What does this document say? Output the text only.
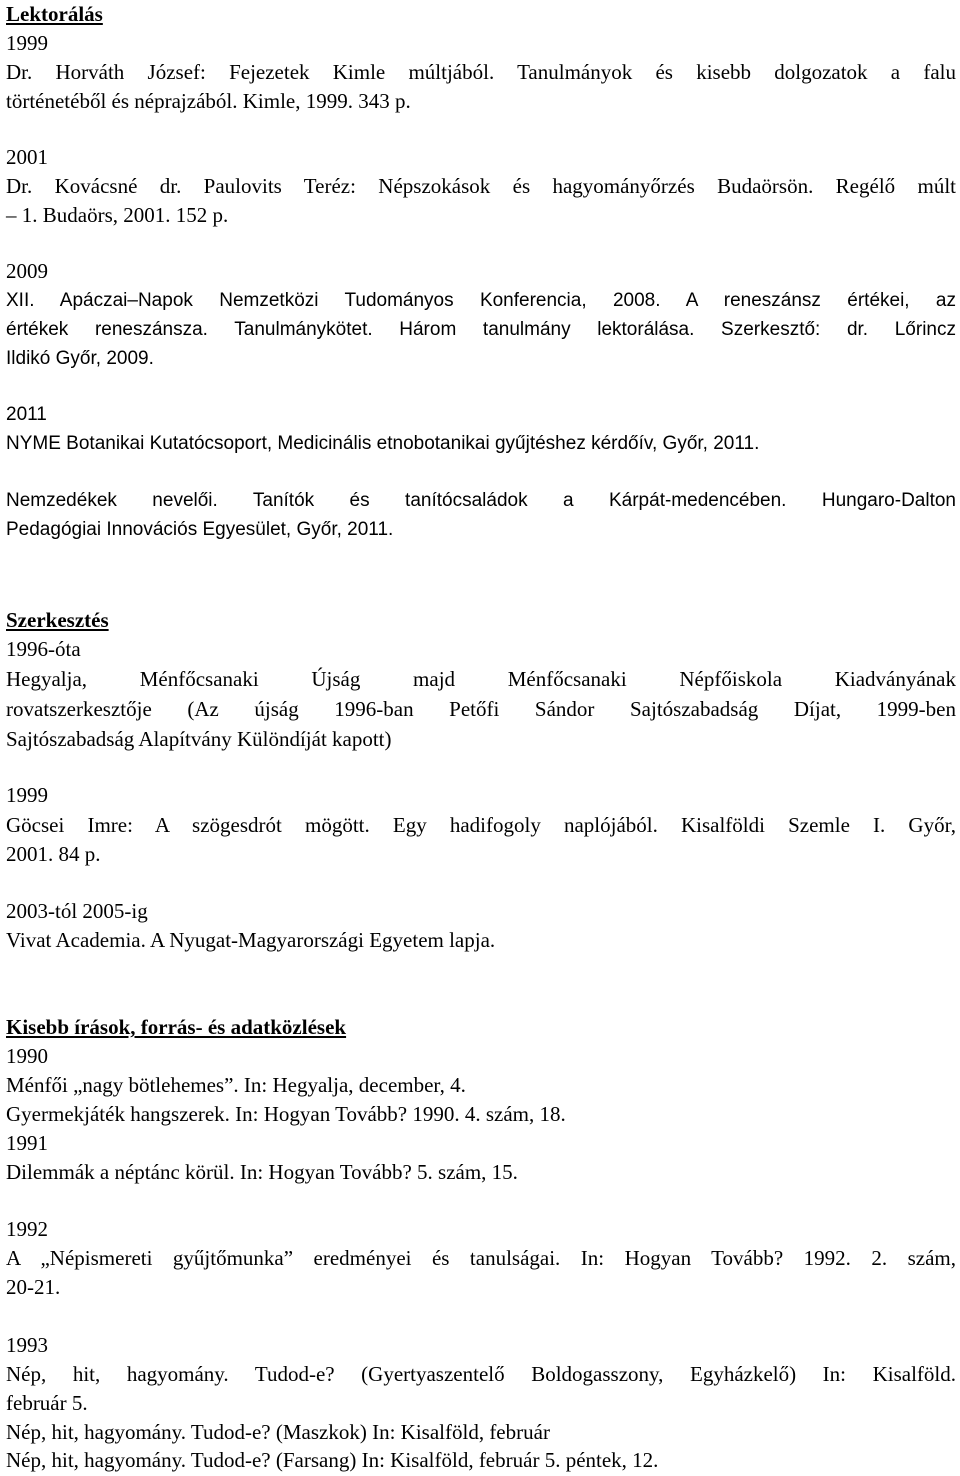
Lektorálás
1999
Dr. Horváth József: Fejezetek Kimle múltjából. Tanulmányok és kisebb dolgozatok a falu
történetéből és néprajzából. Kimle, 1999. 343 p.
2001
Dr. Kovácsné dr. Paulovits Teréz: Népszokások és hagyományőrzés Budaörsön. Regélő múlt
– 1. Budaörs, 2001. 152 p.
2009
XII. Apáczai–Napok Nemzetközi Tudományos Konferencia, 2008. A reneszánsz értékei, az
értékek reneszánsza. Tanulmánykötet. Három tanulmány lektorálása. Szerkesztő: dr. Lőrincz
Ildikó Győr, 2009.
2011
NYME Botanikai Kutatócsoport, Medicinális etnobotanikai gyűjtéshez kérdőív, Győr, 2011.
Nemzedékek nevelői. Tanítók és tanítócsaládok a Kárpát-medencében. Hungaro-Dalton
Pedagógiai Innovációs Egyesület, Győr, 2011.
Szerkesztés
1996-óta
Hegyalja, Ménfőcsanaki Újság majd Ménfőcsanaki Népfőiskola Kiadványának
rovatszerkesztője (Az újság 1996-ban Petőfi Sándor Sajtószabadság Díjat, 1999-ben
Sajtószabadság Alapítvány Különdíját kapott)
1999
Göcsei Imre: A szögesdrót mögött. Egy hadifogoly naplójából. Kisalföldi Szemle I. Győr,
2001. 84 p.
2003-tól 2005-ig
Vivat Academia. A Nyugat-Magyarországi Egyetem lapja.
Kisebb írások, forrás- és adatközlések
1990
Ménfői „nagy bötlehemes”. In: Hegyalja, december, 4.
Gyermekjáték hangszerek. In: Hogyan Tovább? 1990. 4. szám, 18.
1991
Dilemmák a néptánc körül. In: Hogyan Tovább? 5. szám, 15.
1992
A „Népismereti gyűjtőmunka” eredményei és tanulságai. In: Hogyan Tovább? 1992. 2. szám,
20-21.
1993
Nép, hit, hagyomány. Tudod-e? (Gyertyaszentelő Boldogasszony, Egyházkelő) In: Kisalföld.
február 5.
Nép, hit, hagyomány. Tudod-e? (Maszkok) In: Kisalföld, február
Nép, hit, hagyomány. Tudod-e? (Farsang) In: Kisalföld, február 5. péntek, 12.
